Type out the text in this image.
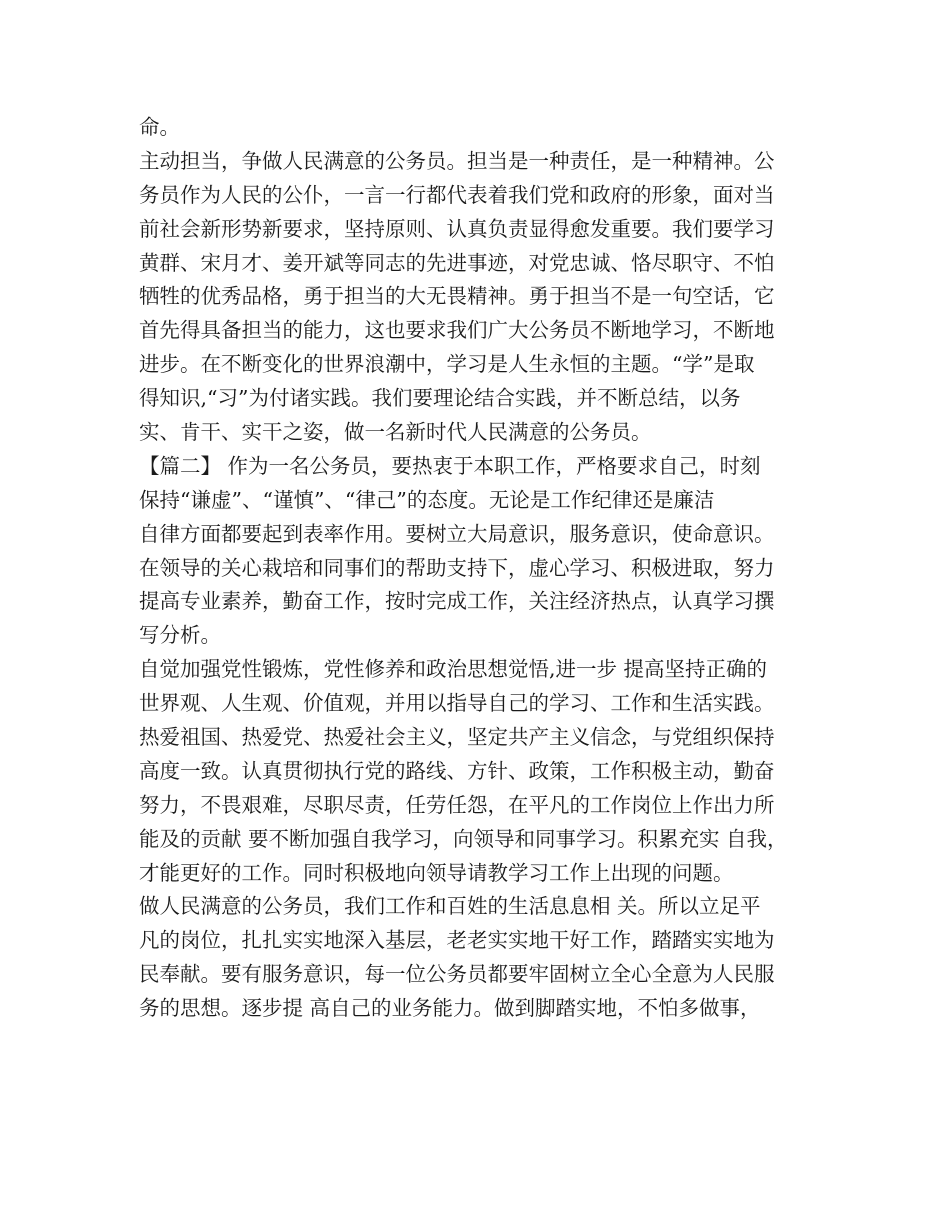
命。
主动担当，争做人民满意的公务员。担当是一种责任，是一种精神。公
务员作为人民的公仆，一言一行都代表着我们党和政府的形象，面对当
前社会新形势新要求，坚持原则、认真负责显得愈发重要。我们要学习
黄群、宋月才、姜开斌等同志的先进事迹，对党忠诚、恪尽职守、不怕
牺牲的优秀品格，勇于担当的大无畏精神。勇于担当不是一句空话，它
首先得具备担当的能力，这也要求我们广大公务员不断地学习，不断地
进步。在不断变化的世界浪潮中，学习是人生永恒的主题。“学”是取
得知识,“习”为付诸实践。我们要理论结合实践，并不断总结，以务
实、肯干、实干之姿，做一名新时代人民满意的公务员。
【篇二】 作为一名公务员，要热衷于本职工作，严格要求自己，时刻
保持“谦虚”、“谨慎”、“律己”的态度。无论是工作纪律还是廉洁
自律方面都要起到表率作用。要树立大局意识，服务意识，使命意识。
在领导的关心栽培和同事们的帮助支持下，虚心学习、积极进取，努力
提高专业素养，勤奋工作，按时完成工作，关注经济热点，认真学习撰
写分析。
自觉加强党性锻炼，党性修养和政治思想觉悟,进一步 提高坚持正确的
世界观、人生观、价值观，并用以指导自己的学习、工作和生活实践。
热爱祖国、热爱党、热爱社会主义，坚定共产主义信念，与党组织保持
高度一致。认真贯彻执行党的路线、方针、政策，工作积极主动，勤奋
努力，不畏艰难，尽职尽责，任劳任怨，在平凡的工作岗位上作出力所
能及的贡献 要不断加强自我学习，向领导和同事学习。积累充实 自我，
才能更好的工作。同时积极地向领导请教学习工作上出现的问题。
做人民满意的公务员，我们工作和百姓的生活息息相 关。所以立足平
凡的岗位，扎扎实实地深入基层，老老实实地干好工作，踏踏实实地为
民奉献。要有服务意识，每一位公务员都要牢固树立全心全意为人民服
务的思想。逐步提 高自己的业务能力。做到脚踏实地，不怕多做事，
